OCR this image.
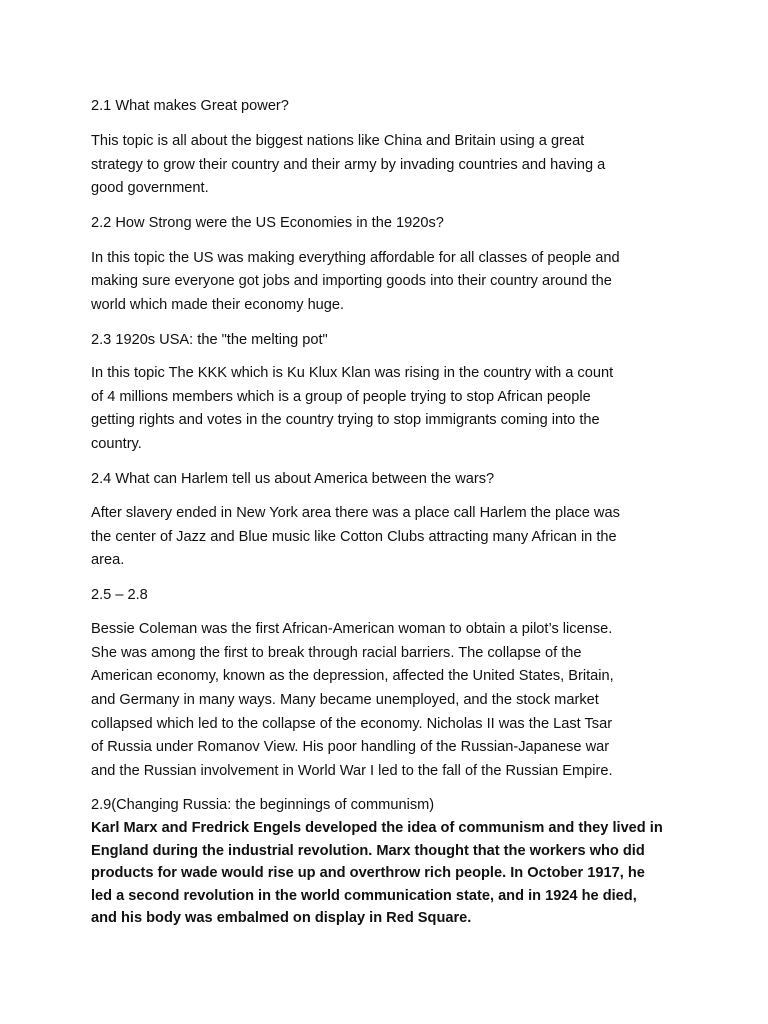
2.1 What makes Great power?
This topic is all about the biggest nations like China and Britain using a great
strategy to grow their country and their army by invading countries and having a
good government.
2.2 How Strong were the US Economies in the 1920s?
In this topic the US was making everything affordable for all classes of people and
making sure everyone got jobs and importing goods into their country around the
world which made their economy huge.
2.3 1920s USA: the "the melting pot"
In this topic The KKK which is Ku Klux Klan was rising in the country with a count
of 4 millions members which is a group of people trying to stop African people
getting rights and votes in the country trying to stop immigrants coming into the
country.
2.4 What can Harlem tell us about America between the wars?
After slavery ended in New York area there was a place call Harlem the place was
the center of Jazz and Blue music like Cotton Clubs attracting many African in the
area.
2.5 – 2.8
Bessie Coleman was the first African-American woman to obtain a pilot’s license.
She was among the first to break through racial barriers. The collapse of the
American economy, known as the depression, affected the United States, Britain,
and Germany in many ways. Many became unemployed, and the stock market
collapsed which led to the collapse of the economy. Nicholas II was the Last Tsar
of Russia under Romanov View. His poor handling of the Russian-Japanese war
and the Russian involvement in World War I led to the fall of the Russian Empire.
2.9(Changing Russia: the beginnings of communism)
Karl Marx and Fredrick Engels developed the idea of communism and they lived in
England during the industrial revolution. Marx thought that the workers who did
products for wade would rise up and overthrow rich people. In October 1917, he
led a second revolution in the world communication state, and in 1924 he died,
and his body was embalmed on display in Red Square.
